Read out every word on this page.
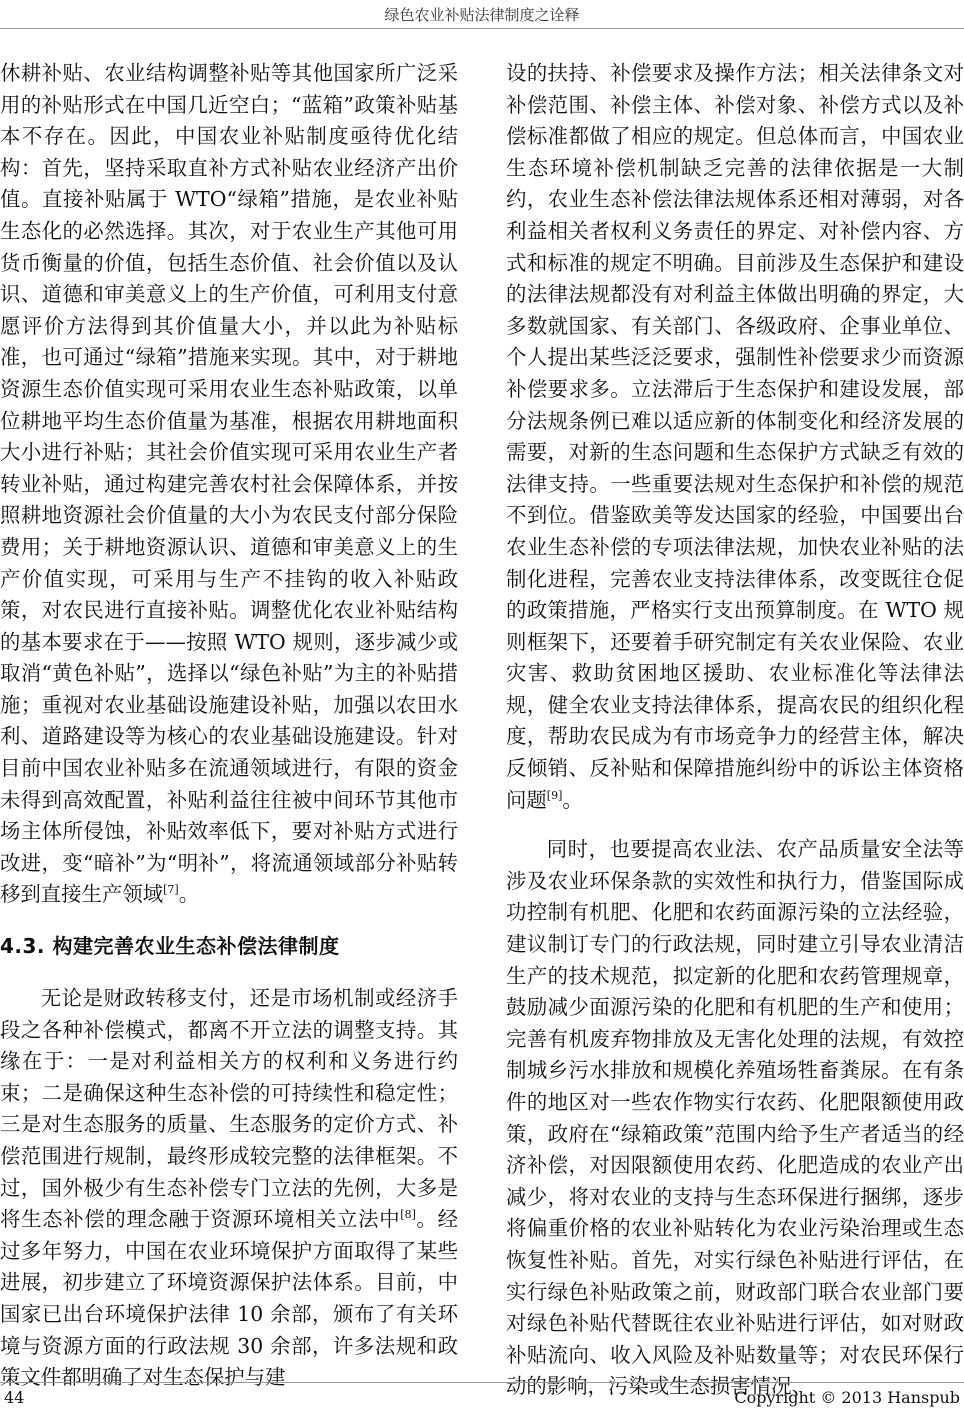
绿色农业补贴法律制度之诠释

休耕补贴、农业结构调整补贴等其他国家所广泛采用的补贴形式在中国几近空白；“蓝箱”政策补贴基本不存在。因此，中国农业补贴制度亟待优化结构：首先，坚持采取直补方式补贴农业经济产出价值。直接补贴属于 WTO“绿箱”措施，是农业补贴生态化的必然选择。其次，对于农业生产其他可用货币衡量的价值，包括生态价值、社会价值以及认识、道德和审美意义上的生产价值，可利用支付意愿评价方法得到其价值量大小，并以此为补贴标准，也可通过“绿箱”措施来实现。其中，对于耕地资源生态价值实现可采用农业生态补贴政策，以单位耕地平均生态价值量为基准，根据农用耕地面积大小进行补贴；其社会价值实现可采用农业生产者转业补贴，通过构建完善农村社会保障体系，并按照耕地资源社会价值量的大小为农民支付部分保险费用；关于耕地资源认识、道德和审美意义上的生产价值实现，可采用与生产不挂钩的收入补贴政策，对农民进行直接补贴。调整优化农业补贴结构的基本要求在于——按照 WTO 规则，逐步减少或取消“黄色补贴”，选择以“绿色补贴”为主的补贴措施；重视对农业基础设施建设补贴，加强以农田水利、道路建设等为核心的农业基础设施建设。针对目前中国农业补贴多在流通领域进行，有限的资金未得到高效配置，补贴利益往往被中间环节其他市场主体所侵蚀，补贴效率低下，要对补贴方式进行改进，变“暗补”为“明补”，将流通领域部分补贴转移到直接生产领域[7]。

4.3. 构建完善农业生态补偿法律制度

无论是财政转移支付，还是市场机制或经济手段之各种补偿模式，都离不开立法的调整支持。其缘在于：一是对利益相关方的权利和义务进行约束；二是确保这种生态补偿的可持续性和稳定性；三是对生态服务的质量、生态服务的定价方式、补偿范围进行规制，最终形成较完整的法律框架。不过，国外极少有生态补偿专门立法的先例，大多是将生态补偿的理念融于资源环境相关立法中[8]。经过多年努力，中国在农业环境保护方面取得了某些进展，初步建立了环境资源保护法体系。目前，中国家已出台环境保护法律 10 余部，颁布了有关环境与资源方面的行政法规 30 余部，许多法规和政策文件都明确了对生态保护与建

设的扶持、补偿要求及操作方法；相关法律条文对补偿范围、补偿主体、补偿对象、补偿方式以及补偿标准都做了相应的规定。但总体而言，中国农业生态环境补偿机制缺乏完善的法律依据是一大制约，农业生态补偿法律法规体系还相对薄弱，对各利益相关者权利义务责任的界定、对补偿内容、方式和标准的规定不明确。目前涉及生态保护和建设的法律法规都没有对利益主体做出明确的界定，大多数就国家、有关部门、各级政府、企事业单位、个人提出某些泛泛要求，强制性补偿要求少而资源补偿要求多。立法滞后于生态保护和建设发展，部分法规条例已难以适应新的体制变化和经济发展的需要，对新的生态问题和生态保护方式缺乏有效的法律支持。一些重要法规对生态保护和补偿的规范不到位。借鉴欧美等发达国家的经验，中国要出台农业生态补偿的专项法律法规，加快农业补贴的法制化进程，完善农业支持法律体系，改变既往仓促的政策措施，严格实行支出预算制度。在 WTO 规则框架下，还要着手研究制定有关农业保险、农业灾害、救助贫困地区援助、农业标准化等法律法规，健全农业支持法律体系，提高农民的组织化程度，帮助农民成为有市场竞争力的经营主体，解决反倾销、反补贴和保障措施纠纷中的诉讼主体资格问题[9]。

同时，也要提高农业法、农产品质量安全法等涉及农业环保条款的实效性和执行力，借鉴国际成功控制有机肥、化肥和农药面源污染的立法经验，建议制订专门的行政法规，同时建立引导农业清洁生产的技术规范，拟定新的化肥和农药管理规章，鼓励减少面源污染的化肥和有机肥的生产和使用；完善有机废弃物排放及无害化处理的法规，有效控制城乡污水排放和规模化养殖场牲畜粪尿。在有条件的地区对一些农作物实行农药、化肥限额使用政策，政府在“绿箱政策”范围内给予生产者适当的经济补偿，对因限额使用农药、化肥造成的农业产出减少，将对农业的支持与生态环保进行捆绑，逐步将偏重价格的农业补贴转化为农业污染治理或生态恢复性补贴。首先，对实行绿色补贴进行评估，在实行绿色补贴政策之前，财政部门联合农业部门要对绿色补贴代替既往农业补贴进行评估，如对财政补贴流向、收入风险及补贴数量等；对农民环保行动的影响，污染或生态损害情况、

44	Copyright © 2013 Hanspub
